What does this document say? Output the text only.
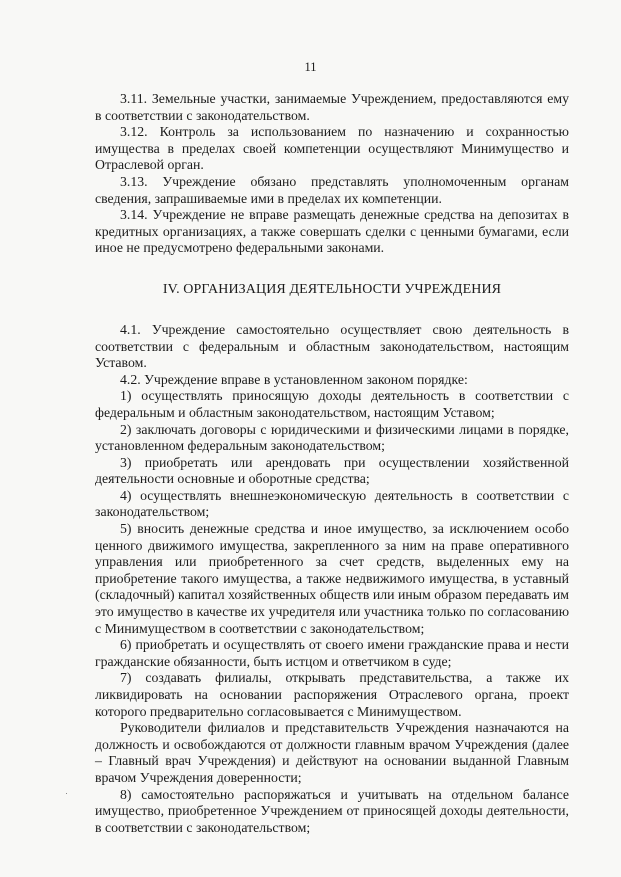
11

3.11. Земельные участки, занимаемые Учреждением, предоставляются ему в соответствии с законодательством.

3.12. Контроль за использованием по назначению и сохранностью имущества в пределах своей компетенции осуществляют Минимущество и Отраслевой орган.

3.13. Учреждение обязано представлять уполномоченным органам сведения, запрашиваемые ими в пределах их компетенции.

3.14. Учреждение не вправе размещать денежные средства на депозитах в кредитных организациях, а также совершать сделки с ценными бумагами, если иное не предусмотрено федеральными законами.

IV. ОРГАНИЗАЦИЯ ДЕЯТЕЛЬНОСТИ УЧРЕЖДЕНИЯ

4.1. Учреждение самостоятельно осуществляет свою деятельность в соответствии с федеральным и областным законодательством, настоящим Уставом.

4.2. Учреждение вправе в установленном законом порядке:

1) осуществлять приносящую доходы деятельность в соответствии с федеральным и областным законодательством, настоящим Уставом;

2) заключать договоры с юридическими и физическими лицами в порядке, установленном федеральным законодательством;

3) приобретать или арендовать при осуществлении хозяйственной деятельности основные и оборотные средства;

4) осуществлять внешнеэкономическую деятельность в соответствии с законодательством;

5) вносить денежные средства и иное имущество, за исключением особо ценного движимого имущества, закрепленного за ним на праве оперативного управления или приобретенного за счет средств, выделенных ему на приобретение такого имущества, а также недвижимого имущества, в уставный (складочный) капитал хозяйственных обществ или иным образом передавать им это имущество в качестве их учредителя или участника только по согласованию с Минимуществом в соответствии с законодательством;

6) приобретать и осуществлять от своего имени гражданские права и нести гражданские обязанности, быть истцом и ответчиком в суде;

7) создавать филиалы, открывать представительства, а также их ликвидировать на основании распоряжения Отраслевого органа, проект которого предварительно согласовывается с Минимуществом.

Руководители филиалов и представительств Учреждения назначаются на должность и освобождаются от должности главным врачом Учреждения (далее – Главный врач Учреждения) и действуют на основании выданной Главным врачом Учреждения доверенности;

8) самостоятельно распоряжаться и учитывать на отдельном балансе имущество, приобретенное Учреждением от приносящей доходы деятельности, в соответствии с законодательством;
